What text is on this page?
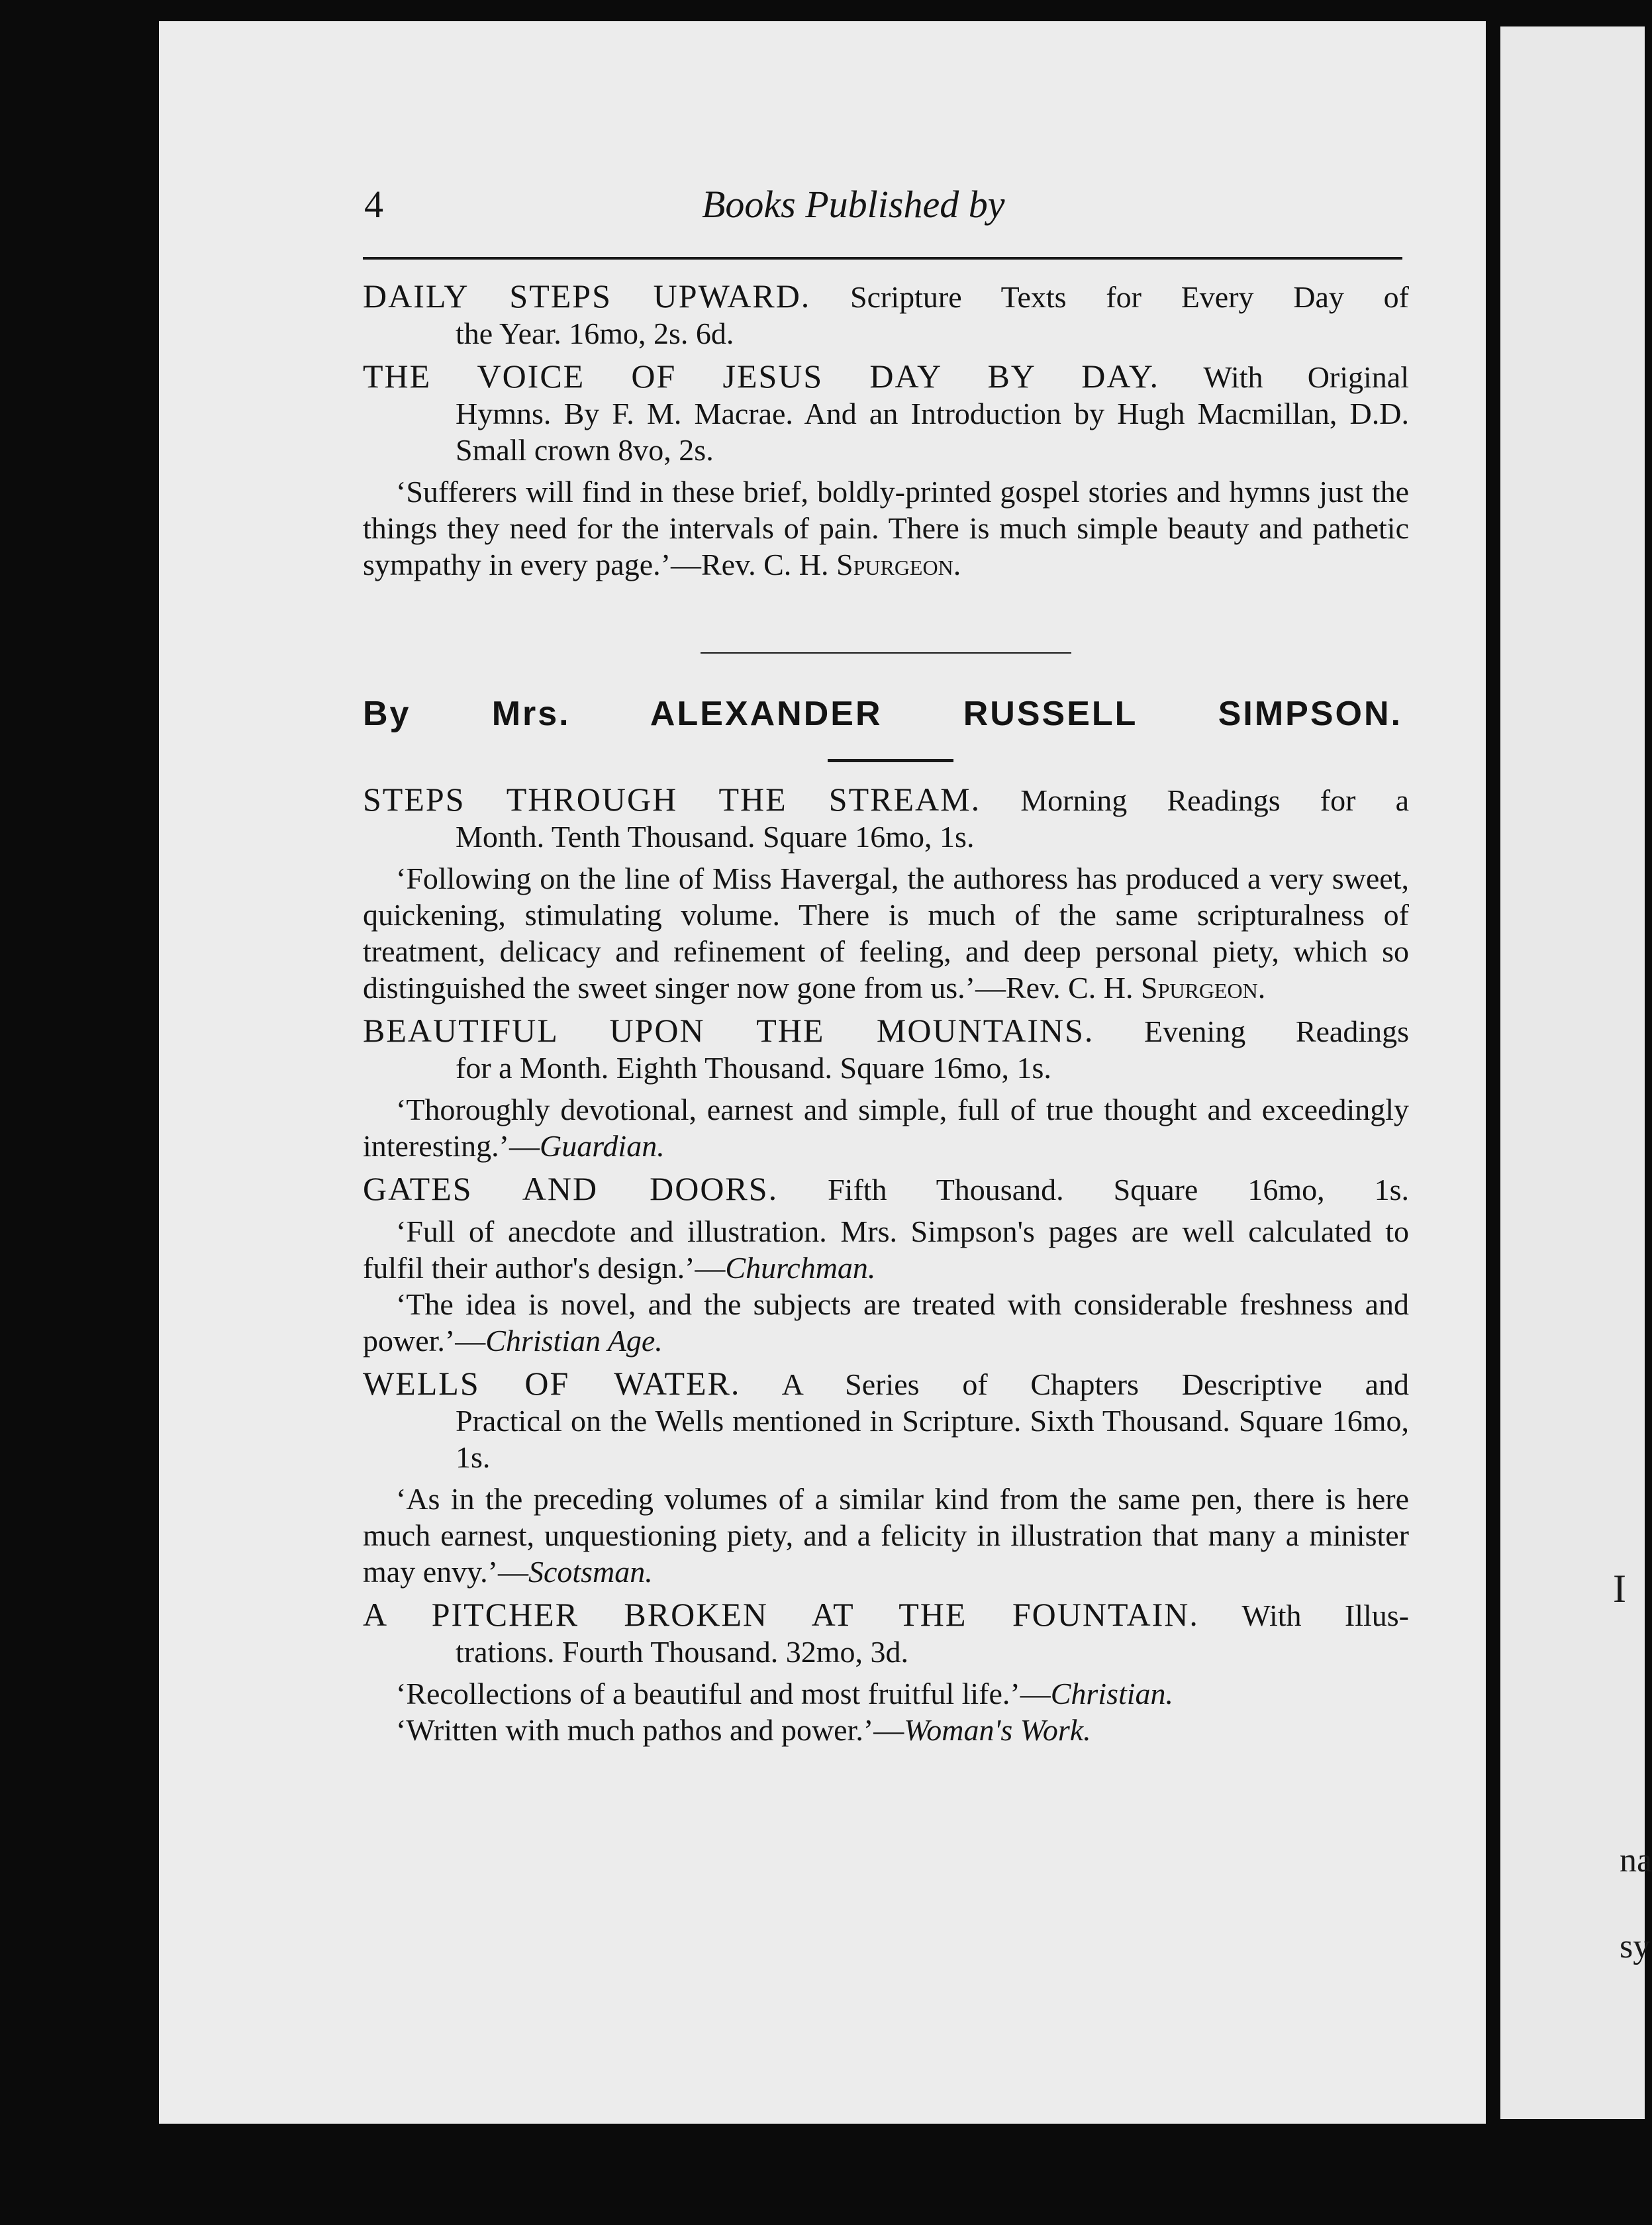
I
na
sy
4	Books Published by
DAILY STEPS UPWARD. Scripture Texts for Every Day of
the Year. 16mo, 2s. 6d.
THE VOICE OF JESUS DAY BY DAY. With Original
Hymns. By F. M. Macrae. And an Introduction by Hugh Macmillan, D.D. Small crown 8vo, 2s.
‘Sufferers will find in these brief, boldly-printed gospel stories and hymns just the things they need for the intervals of pain. There is much simple beauty and pathetic sympathy in every page.’—Rev. C. H. Spurgeon.
By Mrs. ALEXANDER RUSSELL SIMPSON.
STEPS THROUGH THE STREAM. Morning Readings for a
Month. Tenth Thousand. Square 16mo, 1s.
‘Following on the line of Miss Havergal, the authoress has produced a very sweet, quickening, stimulating volume. There is much of the same scripturalness of treatment, delicacy and refinement of feeling, and deep personal piety, which so distinguished the sweet singer now gone from us.’—Rev. C. H. Spurgeon.
BEAUTIFUL UPON THE MOUNTAINS. Evening Readings
for a Month. Eighth Thousand. Square 16mo, 1s.
‘Thoroughly devotional, earnest and simple, full of true thought and exceedingly interesting.’—Guardian.
GATES AND DOORS. Fifth Thousand. Square 16mo, 1s.
‘Full of anecdote and illustration. Mrs. Simpson's pages are well calculated to fulfil their author's design.’—Churchman.
‘The idea is novel, and the subjects are treated with considerable freshness and power.’—Christian Age.
WELLS OF WATER. A Series of Chapters Descriptive and
Practical on the Wells mentioned in Scripture. Sixth Thousand. Square 16mo, 1s.
‘As in the preceding volumes of a similar kind from the same pen, there is here much earnest, unquestioning piety, and a felicity in illustration that many a minister may envy.’—Scotsman.
A PITCHER BROKEN AT THE FOUNTAIN. With Illus-
trations. Fourth Thousand. 32mo, 3d.
‘Recollections of a beautiful and most fruitful life.’—Christian.
‘Written with much pathos and power.’—Woman's Work.
